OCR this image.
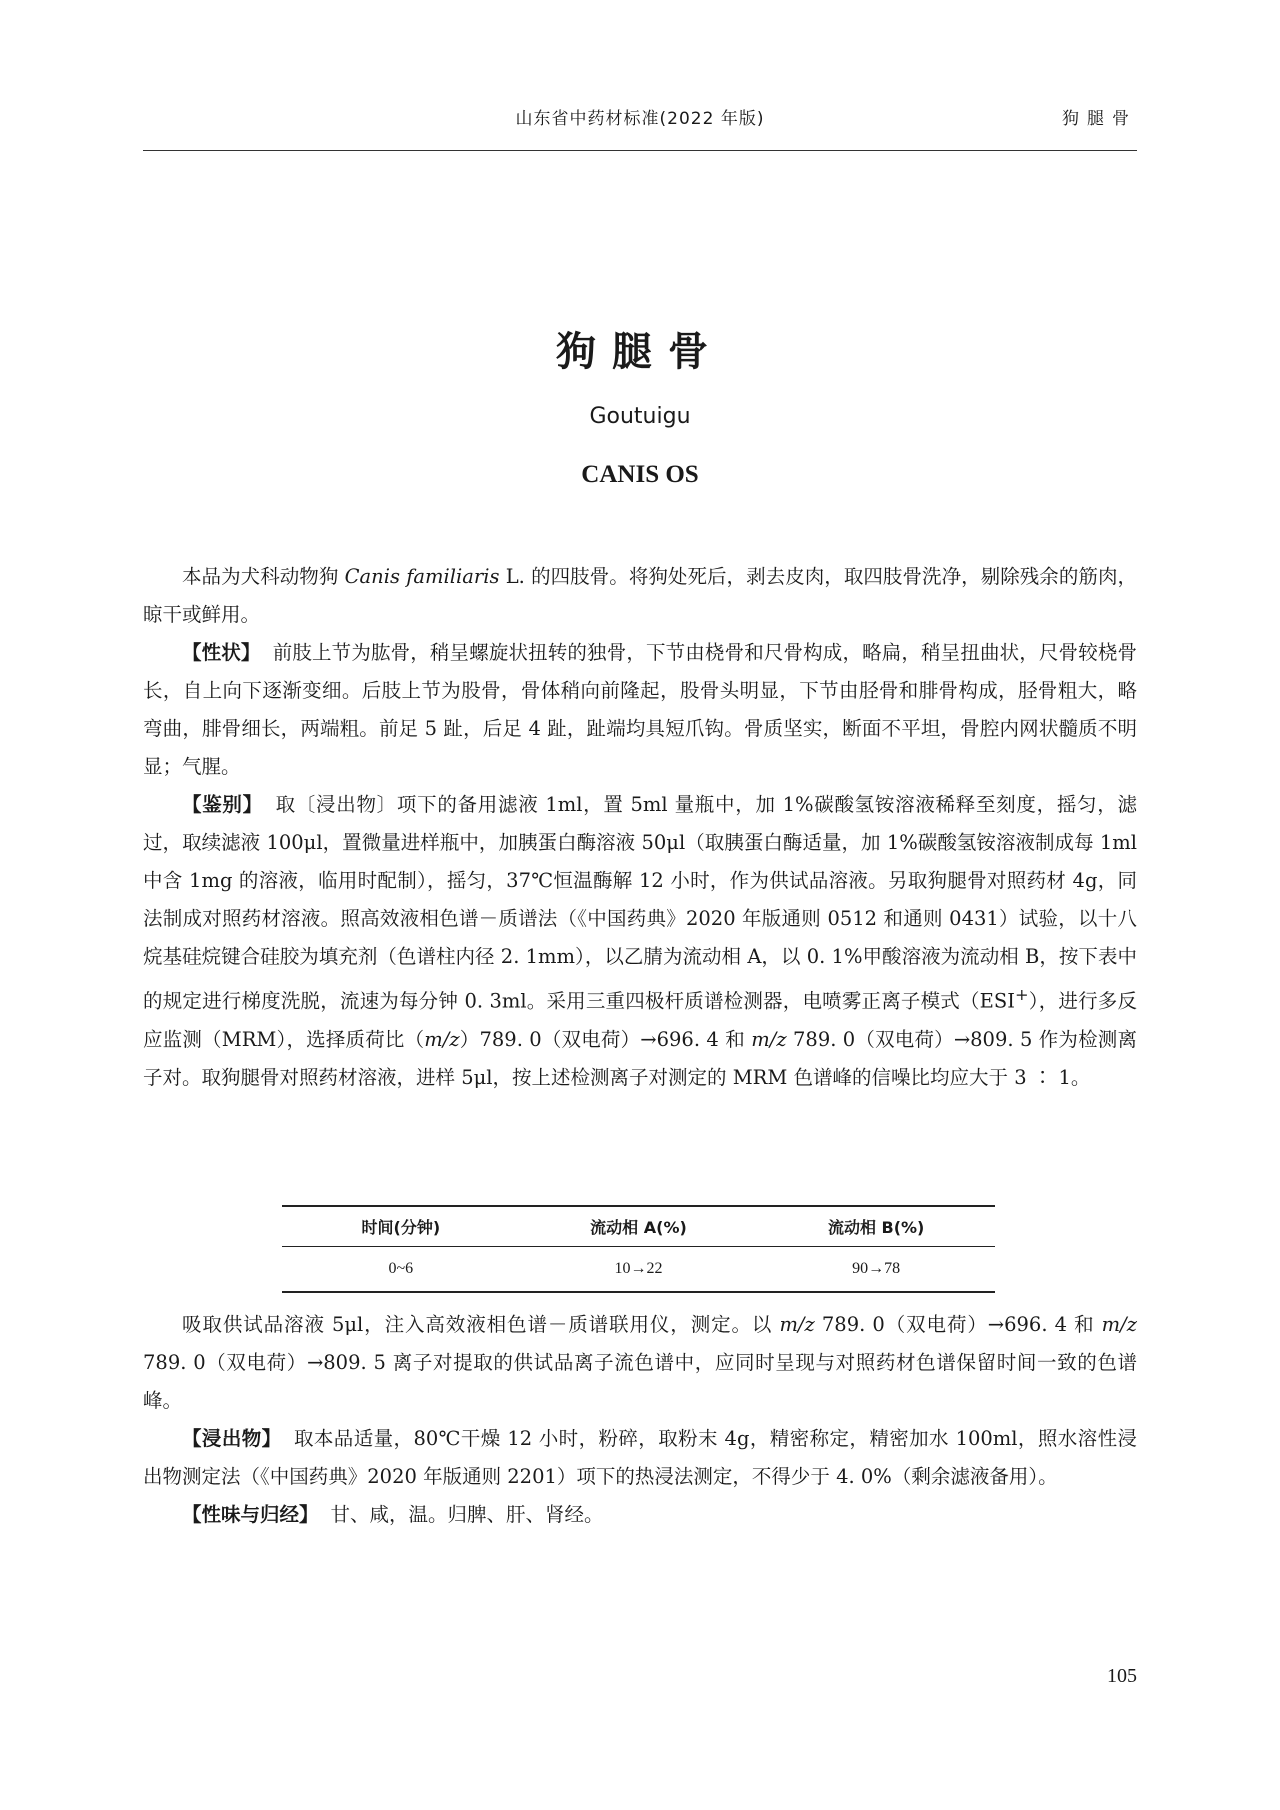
山东省中药材标准(2022 年版)	狗腿骨
狗腿骨
Goutuigu
CANIS OS

本品为犬科动物狗 Canis familiaris L. 的四肢骨。将狗处死后，剥去皮肉，取四肢骨洗净，剔除残余的筋肉，晾干或鲜用。

【性状】 前肢上节为肱骨，稍呈螺旋状扭转的独骨，下节由桡骨和尺骨构成，略扁，稍呈扭曲状，尺骨较桡骨长，自上向下逐渐变细。后肢上节为股骨，骨体稍向前隆起，股骨头明显，下节由胫骨和腓骨构成，胫骨粗大，略弯曲，腓骨细长，两端粗。前足 5 趾，后足 4 趾，趾端均具短爪钩。骨质坚实，断面不平坦，骨腔内网状髓质不明显；气腥。

【鉴别】 取〔浸出物〕项下的备用滤液 1ml，置 5ml 量瓶中，加 1%碳酸氢铵溶液稀释至刻度，摇匀，滤过，取续滤液 100μl，置微量进样瓶中，加胰蛋白酶溶液 50μl（取胰蛋白酶适量，加 1%碳酸氢铵溶液制成每 1ml 中含 1mg 的溶液，临用时配制），摇匀，37℃恒温酶解 12 小时，作为供试品溶液。另取狗腿骨对照药材 4g，同法制成对照药材溶液。照高效液相色谱－质谱法（《中国药典》2020 年版通则 0512 和通则 0431）试验，以十八烷基硅烷键合硅胶为填充剂（色谱柱内径 2. 1mm），以乙腈为流动相 A，以 0. 1%甲酸溶液为流动相 B，按下表中的规定进行梯度洗脱，流速为每分钟 0. 3ml。采用三重四极杆质谱检测器，电喷雾正离子模式（ESI+），进行多反应监测（MRM），选择质荷比（m/z）789. 0（双电荷）→696. 4 和 m/z 789. 0（双电荷）→809. 5 作为检测离子对。取狗腿骨对照药材溶液，进样 5μl，按上述检测离子对测定的 MRM 色谱峰的信噪比均应大于 3 ∶ 1。

时间(分钟)	流动相 A(%)	流动相 B(%)
0~6	10→22	90→78

吸取供试品溶液 5μl，注入高效液相色谱－质谱联用仪，测定。以 m/z 789. 0（双电荷）→696. 4 和 m/z 789. 0（双电荷）→809. 5 离子对提取的供试品离子流色谱中，应同时呈现与对照药材色谱保留时间一致的色谱峰。

【浸出物】 取本品适量，80℃干燥 12 小时，粉碎，取粉末 4g，精密称定，精密加水 100ml，照水溶性浸出物测定法（《中国药典》2020 年版通则 2201）项下的热浸法测定，不得少于 4. 0%（剩余滤液备用）。

【性味与归经】 甘、咸，温。归脾、肝、肾经。

105
